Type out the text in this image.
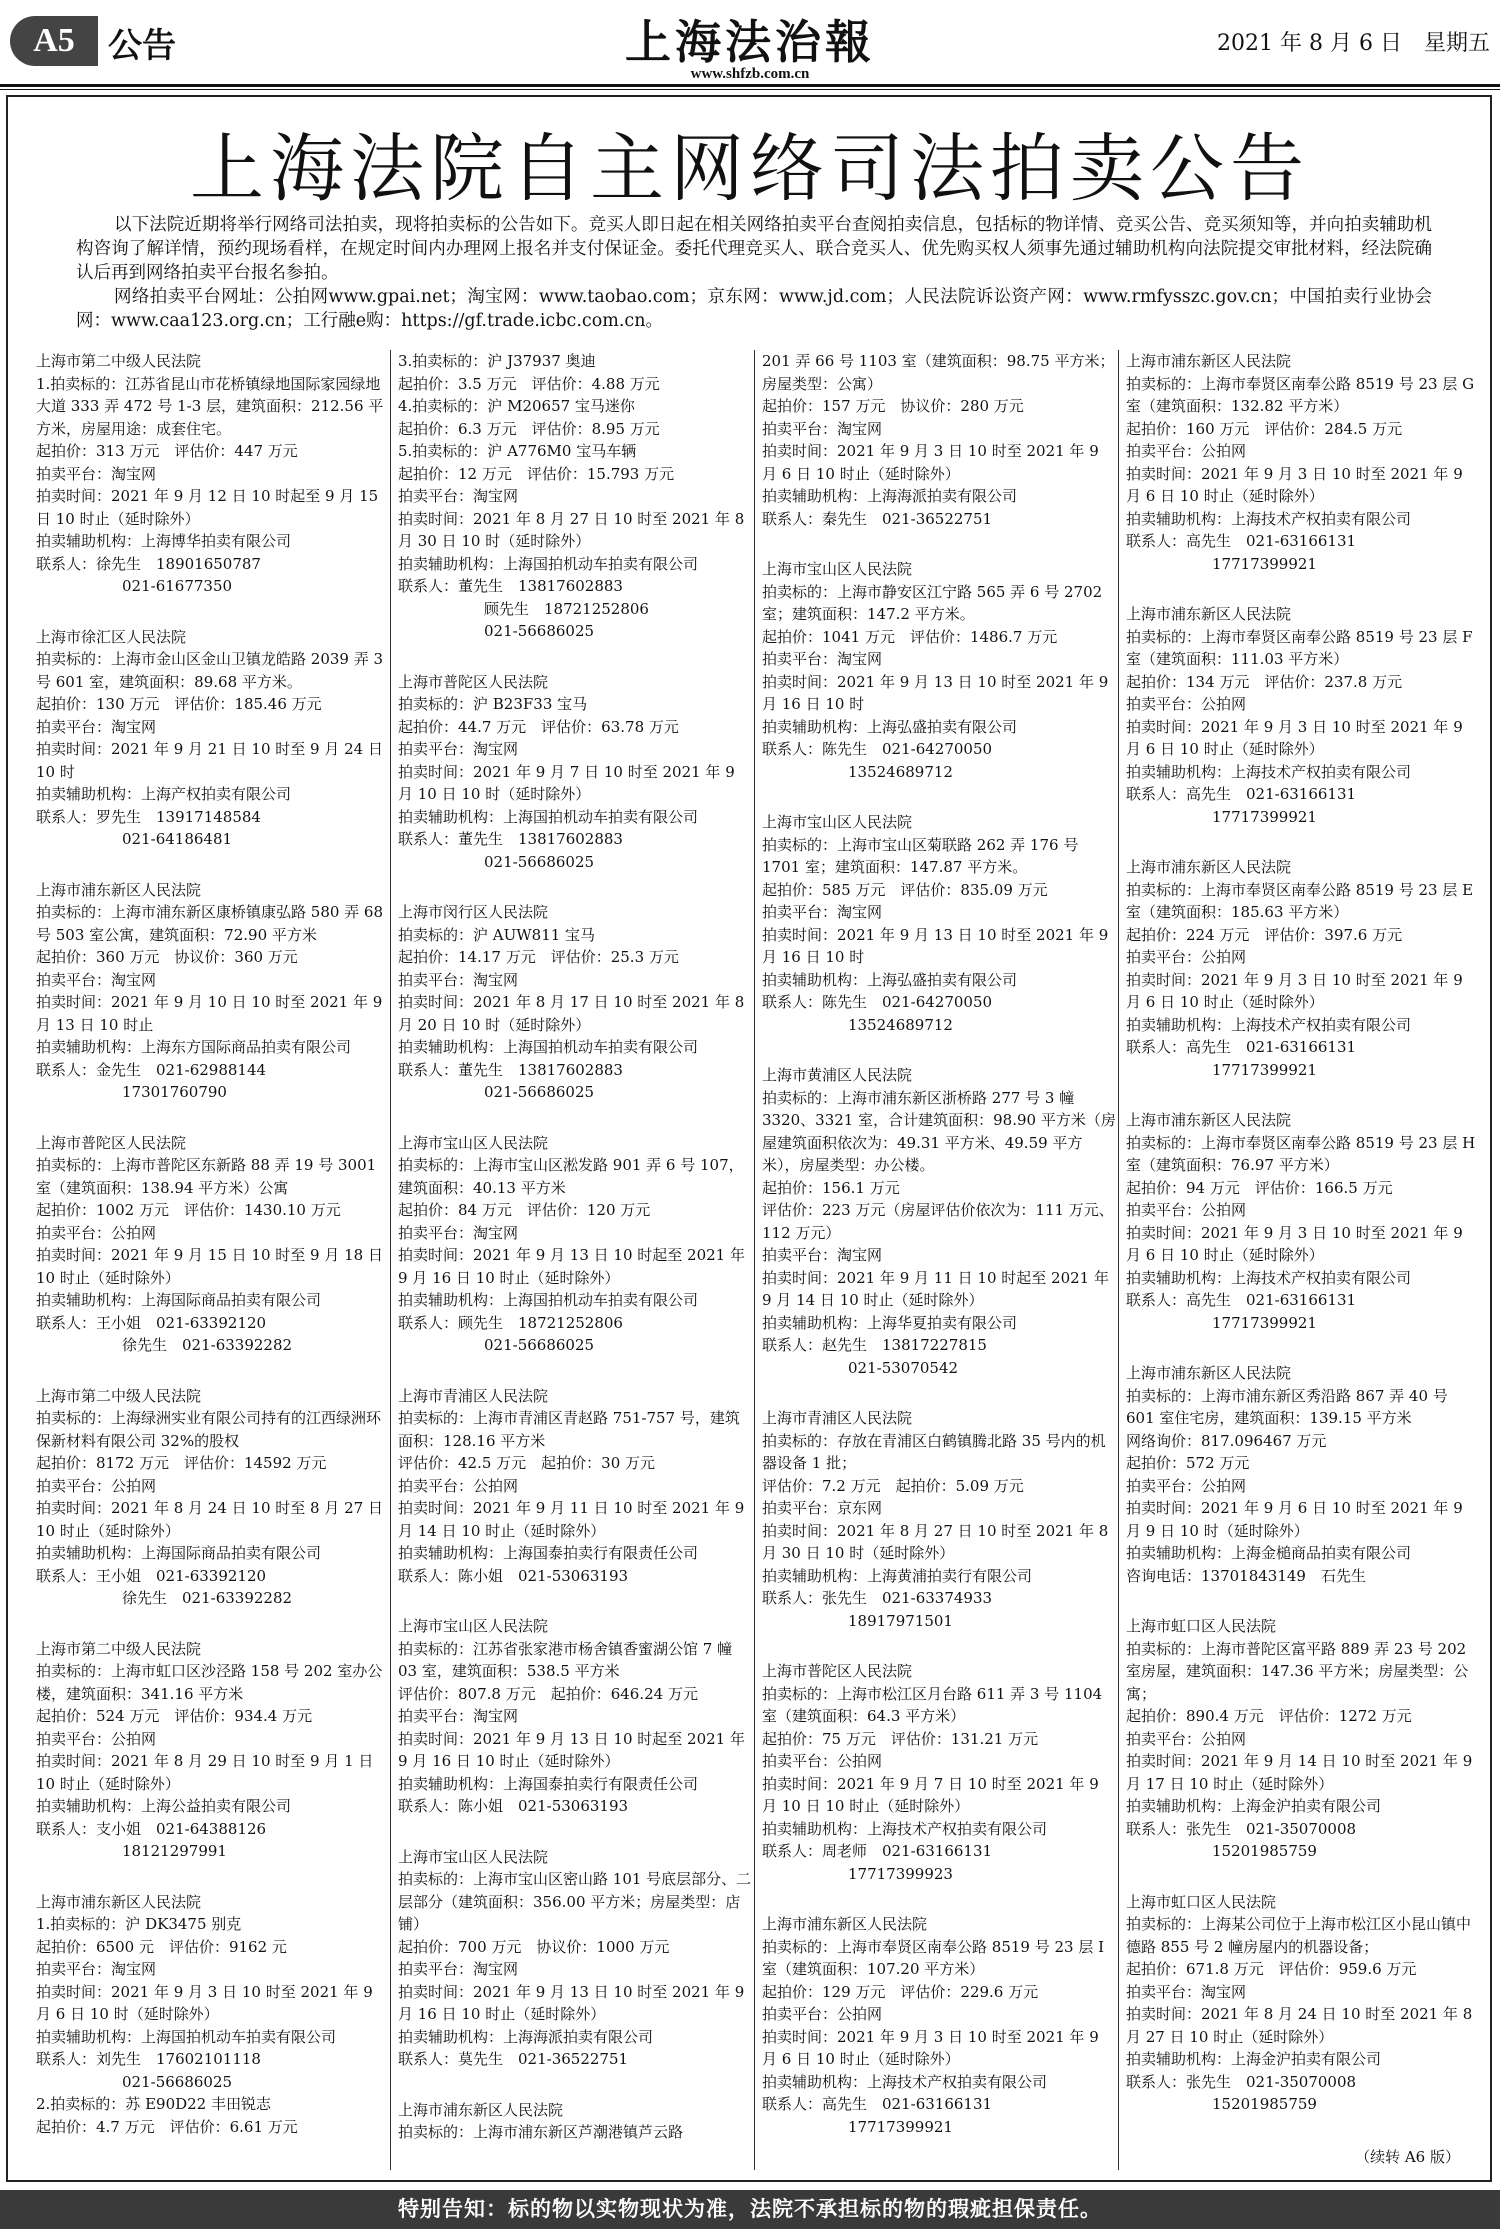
A5 公告	上海法治報
www.shfzb.com.cn
2021 年 8 月 6 日　星期五
上海法院自主网络司法拍卖公告

以下法院近期将举行网络司法拍卖，现将拍卖标的公告如下。竞买人即日起在相关网络拍卖平台查阅拍卖信息，包括标的物详情、竞买公告、竞买须知等，并向拍卖辅助机构咨询了解详情，预约现场看样，在规定时间内办理网上报名并支付保证金。委托代理竞买人、联合竞买人、优先购买权人须事先通过辅助机构向法院提交审批材料，经法院确认后再到网络拍卖平台报名参拍。

网络拍卖平台网址：公拍网www.gpai.net；淘宝网：www.taobao.com；京东网：www.jd.com；人民法院诉讼资产网：www.rmfysszc.gov.cn；中国拍卖行业协会网：www.caa123.org.cn；工行融e购：https://gf.trade.icbc.com.cn。

上海市第二中级人民法院

1.拍卖标的：江苏省昆山市花桥镇绿地国际家园绿地大道 333 弄 472 号 1-3 层，建筑面积：212.56 平方米，房屋用途：成套住宅。

起拍价：313 万元　评估价：447 万元

拍卖平台：淘宝网

拍卖时间：2021 年 9 月 12 日 10 时起至 9 月 15 日 10 时止（延时除外）

拍卖辅助机构：上海博华拍卖有限公司

联系人：徐先生　18901650787

021-61677350

上海市徐汇区人民法院

拍卖标的：上海市金山区金山卫镇龙皓路 2039 弄 3 号 601 室，建筑面积：89.68 平方米。

起拍价：130 万元　评估价：185.46 万元

拍卖平台：淘宝网

拍卖时间：2021 年 9 月 21 日 10 时至 9 月 24 日 10 时

拍卖辅助机构：上海产权拍卖有限公司

联系人：罗先生　13917148584

021-64186481

上海市浦东新区人民法院

拍卖标的：上海市浦东新区康桥镇康弘路 580 弄 68 号 503 室公寓，建筑面积：72.90 平方米

起拍价：360 万元　协议价：360 万元

拍卖平台：淘宝网

拍卖时间：2021 年 9 月 10 日 10 时至 2021 年 9 月 13 日 10 时止

拍卖辅助机构：上海东方国际商品拍卖有限公司

联系人：金先生　021-62988144

17301760790

上海市普陀区人民法院

拍卖标的：上海市普陀区东新路 88 弄 19 号 3001 室（建筑面积：138.94 平方米）公寓

起拍价：1002 万元　评估价：1430.10 万元

拍卖平台：公拍网

拍卖时间：2021 年 9 月 15 日 10 时至 9 月 18 日 10 时止（延时除外）

拍卖辅助机构：上海国际商品拍卖有限公司

联系人：王小姐　021-63392120

徐先生　021-63392282

上海市第二中级人民法院

拍卖标的：上海绿洲实业有限公司持有的江西绿洲环保新材料有限公司 32%的股权

起拍价：8172 万元　评估价：14592 万元

拍卖平台：公拍网

拍卖时间：2021 年 8 月 24 日 10 时至 8 月 27 日 10 时止（延时除外）

拍卖辅助机构：上海国际商品拍卖有限公司

联系人：王小姐　021-63392120

徐先生　021-63392282

上海市第二中级人民法院

拍卖标的：上海市虹口区沙泾路 158 号 202 室办公楼，建筑面积：341.16 平方米

起拍价：524 万元　评估价：934.4 万元

拍卖平台：公拍网

拍卖时间：2021 年 8 月 29 日 10 时至 9 月 1 日 10 时止（延时除外）

拍卖辅助机构：上海公益拍卖有限公司

联系人：支小姐　021-64388126

18121297991

上海市浦东新区人民法院

1.拍卖标的：沪 DK3475 别克

起拍价：6500 元　评估价：9162 元

拍卖平台：淘宝网

拍卖时间：2021 年 9 月 3 日 10 时至 2021 年 9 月 6 日 10 时（延时除外）

拍卖辅助机构：上海国拍机动车拍卖有限公司

联系人：刘先生　17602101118

021-56686025

2.拍卖标的：苏 E90D22 丰田锐志

起拍价：4.7 万元　评估价：6.61 万元

3.拍卖标的：沪 J37937 奥迪

起拍价：3.5 万元　评估价：4.88 万元

4.拍卖标的：沪 M20657 宝马迷你

起拍价：6.3 万元　评估价：8.95 万元

5.拍卖标的：沪 A776M0 宝马车辆

起拍价：12 万元　评估价：15.793 万元

拍卖平台：淘宝网

拍卖时间：2021 年 8 月 27 日 10 时至 2021 年 8 月 30 日 10 时（延时除外）

拍卖辅助机构：上海国拍机动车拍卖有限公司

联系人：董先生　13817602883

顾先生　18721252806

021-56686025

上海市普陀区人民法院

拍卖标的：沪 B23F33 宝马

起拍价：44.7 万元　评估价：63.78 万元

拍卖平台：淘宝网

拍卖时间：2021 年 9 月 7 日 10 时至 2021 年 9 月 10 日 10 时（延时除外）

拍卖辅助机构：上海国拍机动车拍卖有限公司

联系人：董先生　13817602883

021-56686025

上海市闵行区人民法院

拍卖标的：沪 AUW811 宝马

起拍价：14.17 万元　评估价：25.3 万元

拍卖平台：淘宝网

拍卖时间：2021 年 8 月 17 日 10 时至 2021 年 8 月 20 日 10 时（延时除外）

拍卖辅助机构：上海国拍机动车拍卖有限公司

联系人：董先生　13817602883

021-56686025

上海市宝山区人民法院

拍卖标的：上海市宝山区淞发路 901 弄 6 号 107，建筑面积：40.13 平方米

起拍价：84 万元　评估价：120 万元

拍卖平台：淘宝网

拍卖时间：2021 年 9 月 13 日 10 时起至 2021 年 9 月 16 日 10 时止（延时除外）

拍卖辅助机构：上海国拍机动车拍卖有限公司

联系人：顾先生　18721252806

021-56686025

上海市青浦区人民法院

拍卖标的：上海市青浦区青赵路 751-757 号，建筑面积：128.16 平方米

评估价：42.5 万元　起拍价：30 万元

拍卖平台：公拍网

拍卖时间：2021 年 9 月 11 日 10 时至 2021 年 9 月 14 日 10 时止（延时除外）

拍卖辅助机构：上海国泰拍卖行有限责任公司

联系人：陈小姐　021-53063193

上海市宝山区人民法院

拍卖标的：江苏省张家港市杨舍镇香蜜湖公馆 7 幢 03 室，建筑面积：538.5 平方米

评估价：807.8 万元　起拍价：646.24 万元

拍卖平台：淘宝网

拍卖时间：2021 年 9 月 13 日 10 时起至 2021 年 9 月 16 日 10 时止（延时除外）

拍卖辅助机构：上海国泰拍卖行有限责任公司

联系人：陈小姐　021-53063193

上海市宝山区人民法院

拍卖标的：上海市宝山区密山路 101 号底层部分、二层部分（建筑面积：356.00 平方米；房屋类型：店铺）

起拍价：700 万元　协议价：1000 万元

拍卖平台：淘宝网

拍卖时间：2021 年 9 月 13 日 10 时至 2021 年 9 月 16 日 10 时止（延时除外）

拍卖辅助机构：上海海派拍卖有限公司

联系人：莫先生　021-36522751

上海市浦东新区人民法院

拍卖标的：上海市浦东新区芦潮港镇芦云路

201 弄 66 号 1103 室（建筑面积：98.75 平方米；房屋类型：公寓）

起拍价：157 万元　协议价：280 万元

拍卖平台：淘宝网

拍卖时间：2021 年 9 月 3 日 10 时至 2021 年 9 月 6 日 10 时止（延时除外）

拍卖辅助机构：上海海派拍卖有限公司

联系人：秦先生　021-36522751

上海市宝山区人民法院

拍卖标的：上海市静安区江宁路 565 弄 6 号 2702 室；建筑面积：147.2 平方米。

起拍价：1041 万元　评估价：1486.7 万元

拍卖平台：淘宝网

拍卖时间：2021 年 9 月 13 日 10 时至 2021 年 9 月 16 日 10 时

拍卖辅助机构：上海弘盛拍卖有限公司

联系人：陈先生　021-64270050

13524689712

上海市宝山区人民法院

拍卖标的：上海市宝山区菊联路 262 弄 176 号 1701 室；建筑面积：147.87 平方米。

起拍价：585 万元　评估价：835.09 万元

拍卖平台：淘宝网

拍卖时间：2021 年 9 月 13 日 10 时至 2021 年 9 月 16 日 10 时

拍卖辅助机构：上海弘盛拍卖有限公司

联系人：陈先生　021-64270050

13524689712

上海市黄浦区人民法院

拍卖标的：上海市浦东新区浙桥路 277 号 3 幢 3320、3321 室，合计建筑面积：98.90 平方米（房屋建筑面积依次为：49.31 平方米、49.59 平方米），房屋类型：办公楼。

起拍价：156.1 万元

评估价：223 万元（房屋评估价依次为：111 万元、112 万元）

拍卖平台：淘宝网

拍卖时间：2021 年 9 月 11 日 10 时起至 2021 年 9 月 14 日 10 时止（延时除外）

拍卖辅助机构：上海华夏拍卖有限公司

联系人：赵先生　13817227815

021-53070542

上海市青浦区人民法院

拍卖标的：存放在青浦区白鹤镇腾北路 35 号内的机器设备 1 批；

评估价：7.2 万元　起拍价：5.09 万元

拍卖平台：京东网

拍卖时间：2021 年 8 月 27 日 10 时至 2021 年 8 月 30 日 10 时（延时除外）

拍卖辅助机构：上海黄浦拍卖行有限公司

联系人：张先生　021-63374933

18917971501

上海市普陀区人民法院

拍卖标的：上海市松江区月台路 611 弄 3 号 1104 室（建筑面积：64.3 平方米）

起拍价：75 万元　评估价：131.21 万元

拍卖平台：公拍网

拍卖时间：2021 年 9 月 7 日 10 时至 2021 年 9 月 10 日 10 时止（延时除外）

拍卖辅助机构：上海技术产权拍卖有限公司

联系人：周老师　021-63166131

17717399923

上海市浦东新区人民法院

拍卖标的：上海市奉贤区南奉公路 8519 号 23 层 I 室（建筑面积：107.20 平方米）

起拍价：129 万元　评估价：229.6 万元

拍卖平台：公拍网

拍卖时间：2021 年 9 月 3 日 10 时至 2021 年 9 月 6 日 10 时止（延时除外）

拍卖辅助机构：上海技术产权拍卖有限公司

联系人：高先生　021-63166131

17717399921

上海市浦东新区人民法院

拍卖标的：上海市奉贤区南奉公路 8519 号 23 层 G 室（建筑面积：132.82 平方米）

起拍价：160 万元　评估价：284.5 万元

拍卖平台：公拍网

拍卖时间：2021 年 9 月 3 日 10 时至 2021 年 9 月 6 日 10 时止（延时除外）

拍卖辅助机构：上海技术产权拍卖有限公司

联系人：高先生　021-63166131

17717399921

上海市浦东新区人民法院

拍卖标的：上海市奉贤区南奉公路 8519 号 23 层 F 室（建筑面积：111.03 平方米）

起拍价：134 万元　评估价：237.8 万元

拍卖平台：公拍网

拍卖时间：2021 年 9 月 3 日 10 时至 2021 年 9 月 6 日 10 时止（延时除外）

拍卖辅助机构：上海技术产权拍卖有限公司

联系人：高先生　021-63166131

17717399921

上海市浦东新区人民法院

拍卖标的：上海市奉贤区南奉公路 8519 号 23 层 E 室（建筑面积：185.63 平方米）

起拍价：224 万元　评估价：397.6 万元

拍卖平台：公拍网

拍卖时间：2021 年 9 月 3 日 10 时至 2021 年 9 月 6 日 10 时止（延时除外）

拍卖辅助机构：上海技术产权拍卖有限公司

联系人：高先生　021-63166131

17717399921

上海市浦东新区人民法院

拍卖标的：上海市奉贤区南奉公路 8519 号 23 层 H 室（建筑面积：76.97 平方米）

起拍价：94 万元　评估价：166.5 万元

拍卖平台：公拍网

拍卖时间：2021 年 9 月 3 日 10 时至 2021 年 9 月 6 日 10 时止（延时除外）

拍卖辅助机构：上海技术产权拍卖有限公司

联系人：高先生　021-63166131

17717399921

上海市浦东新区人民法院

拍卖标的：上海市浦东新区秀沿路 867 弄 40 号 601 室住宅房，建筑面积：139.15 平方米

网络询价：817.096467 万元

起拍价：572 万元

拍卖平台：公拍网

拍卖时间：2021 年 9 月 6 日 10 时至 2021 年 9 月 9 日 10 时（延时除外）

拍卖辅助机构：上海金槌商品拍卖有限公司

咨询电话：13701843149　石先生

上海市虹口区人民法院

拍卖标的：上海市普陀区富平路 889 弄 23 号 202 室房屋，建筑面积：147.36 平方米；房屋类型：公寓；

起拍价：890.4 万元　评估价：1272 万元

拍卖平台：公拍网

拍卖时间：2021 年 9 月 14 日 10 时至 2021 年 9 月 17 日 10 时止（延时除外）

拍卖辅助机构：上海金沪拍卖有限公司

联系人：张先生　021-35070008

15201985759

上海市虹口区人民法院

拍卖标的：上海某公司位于上海市松江区小昆山镇中德路 855 号 2 幢房屋内的机器设备；

起拍价：671.8 万元　评估价：959.6 万元

拍卖平台：淘宝网

拍卖时间：2021 年 8 月 24 日 10 时至 2021 年 8 月 27 日 10 时止（延时除外）

拍卖辅助机构：上海金沪拍卖有限公司

联系人：张先生　021-35070008

15201985759

（续转 A6 版）
特别告知：标的物以实物现状为准，法院不承担标的物的瑕疵担保责任。
